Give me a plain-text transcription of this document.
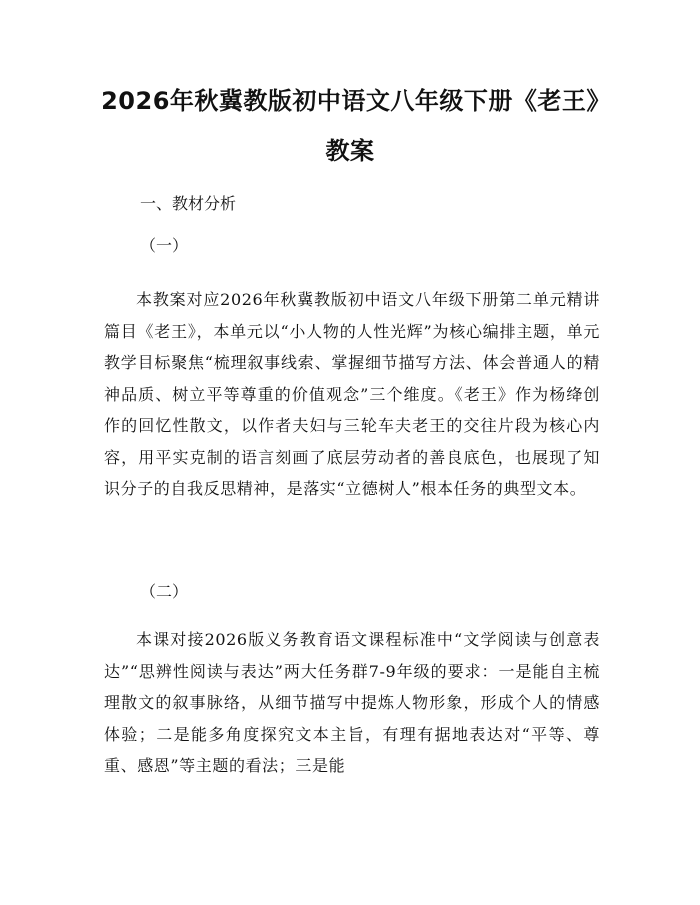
2026年秋冀教版初中语文八年级下册《老王》教案

一、教材分析

（一）

本教案对应2026年秋冀教版初中语文八年级下册第二单元精讲篇目《老王》，本单元以“小人物的人性光辉”为核心编排主题，单元教学目标聚焦“梳理叙事线索、掌握细节描写方法、体会普通人的精神品质、树立平等尊重的价值观念”三个维度。《老王》作为杨绛创作的回忆性散文，以作者夫妇与三轮车夫老王的交往片段为核心内容，用平实克制的语言刻画了底层劳动者的善良底色，也展现了知识分子的自我反思精神，是落实“立德树人”根本任务的典型文本。

（二）

本课对接2026版义务教育语文课程标准中“文学阅读与创意表达”“思辨性阅读与表达”两大任务群7-9年级的要求：一是能自主梳理散文的叙事脉络，从细节描写中提炼人物形象，形成个人的情感体验；二是能多角度探究文本主旨，有理有据地表达对“平等、尊重、感恩”等主题的看法；三是能
